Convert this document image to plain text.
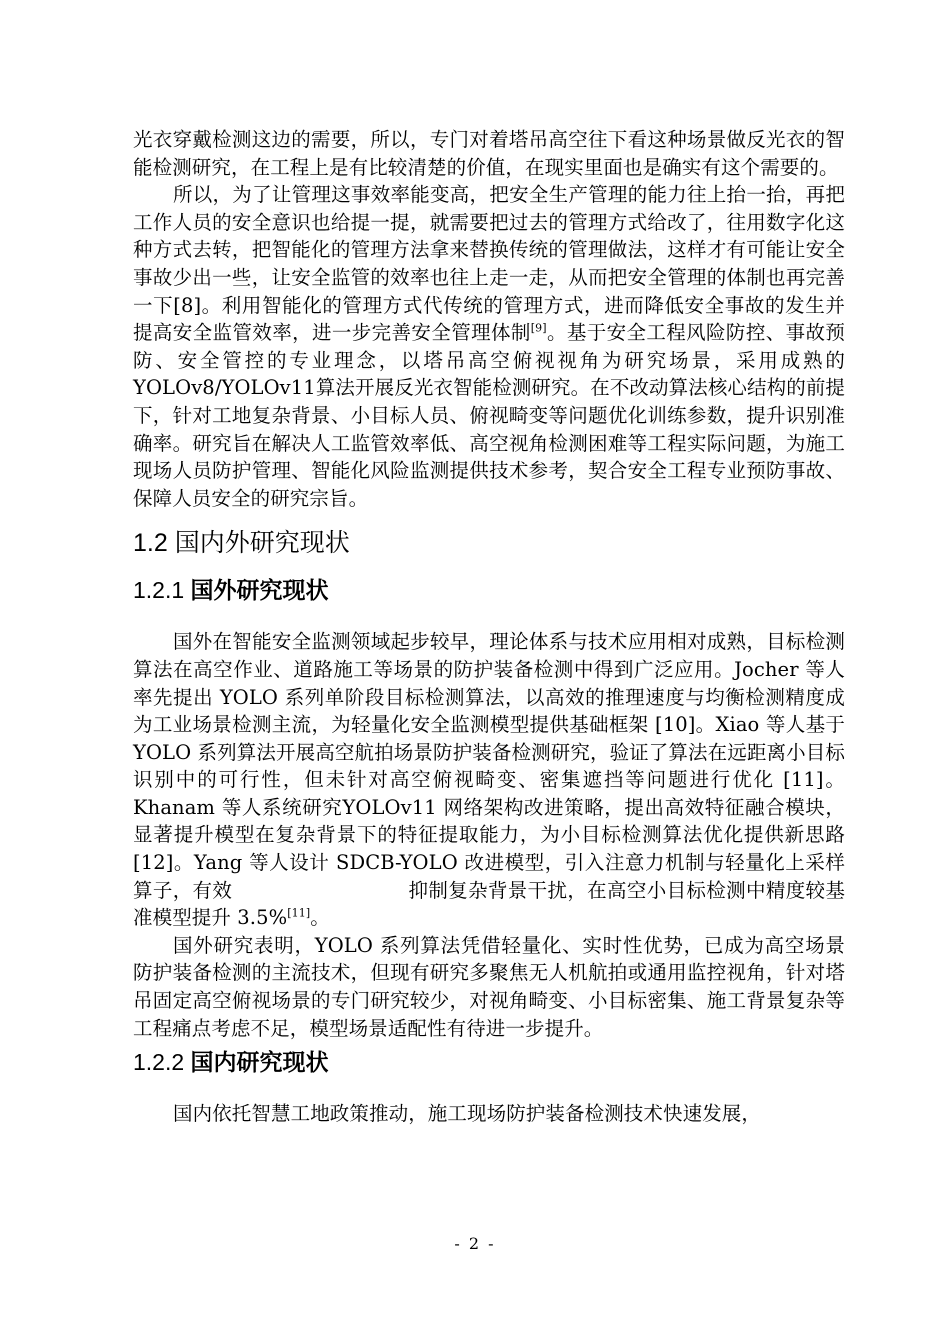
光衣穿戴检测这边的需要，所以，专门对着塔吊高空往下看这种场景做反光衣的智能检测研究，在工程上是有比较清楚的价值，在现实里面也是确实有这个需要的。

所以，为了让管理这事效率能变高，把安全生产管理的能力往上抬一抬，再把工作人员的安全意识也给提一提，就需要把过去的管理方式给改了，往用数字化这种方式去转，把智能化的管理方法拿来替换传统的管理做法，这样才有可能让安全事故少出一些，让安全监管的效率也往上走一走，从而把安全管理的体制也再完善一下[8]。利用智能化的管理方式代传统的管理方式，进而降低安全事故的发生并提高安全监管效率，进一步完善安全管理体制[9]。基于安全工程风险防控、事故预防、安全管控的专业理念，以塔吊高空俯视视角为研究场景，采用成熟的YOLOv8/YOLOv11算法开展反光衣智能检测研究。在不改动算法核心结构的前提下，针对工地复杂背景、小目标人员、俯视畸变等问题优化训练参数，提升识别准确率。研究旨在解决人工监管效率低、高空视角检测困难等工程实际问题，为施工现场人员防护管理、智能化风险监测提供技术参考，契合安全工程专业预防事故、保障人员安全的研究宗旨。

1.2 国内外研究现状
1.2.1 国外研究现状

国外在智能安全监测领域起步较早，理论体系与技术应用相对成熟，目标检测算法在高空作业、道路施工等场景的防护装备检测中得到广泛应用。Jocher 等人率先提出 YOLO 系列单阶段目标检测算法，以高效的推理速度与均衡检测精度成为工业场景检测主流，为轻量化安全监测模型提供基础框架 [10]。Xiao 等人基于 YOLO 系列算法开展高空航拍场景防护装备检测研究，验证了算法在远距离小目标识别中的可行性，但未针对高空俯视畸变、密集遮挡等问题进行优化 [11]。Khanam 等人系统研究YOLOv11 网络架构改进策略，提出高效特征融合模块，显著提升模型在复杂背景下的特征提取能力，为小目标检测算法优化提供新思路 [12]。Yang 等人设计 SDCB-YOLO 改进模型，引入注意力机制与轻量化上采样算子，有效	抑制复杂背景干扰，在高空小目标检测中精度较基准模型提升 3.5%[11]。

国外研究表明，YOLO 系列算法凭借轻量化、实时性优势，已成为高空场景防护装备检测的主流技术，但现有研究多聚焦无人机航拍或通用监控视角，针对塔吊固定高空俯视场景的专门研究较少，对视角畸变、小目标密集、施工背景复杂等工程痛点考虑不足，模型场景适配性有待进一步提升。

1.2.2 国内研究现状

国内依托智慧工地政策推动，施工现场防护装备检测技术快速发展，

- 2 -
